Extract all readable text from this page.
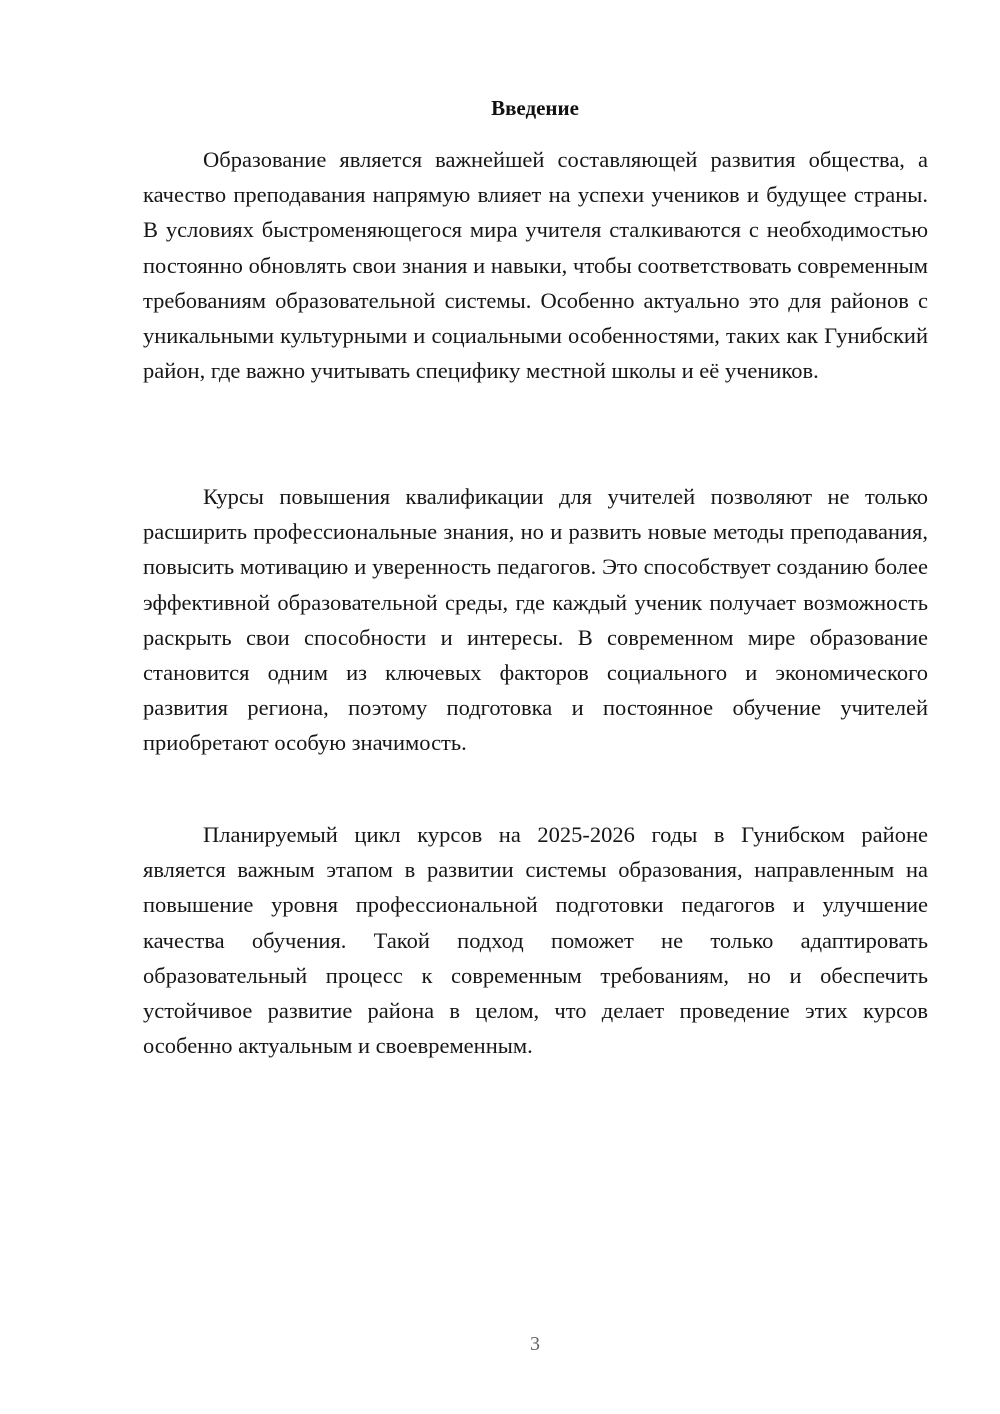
Введение

Образование является важнейшей составляющей развития общества, а качество преподавания напрямую влияет на успехи учеников и будущее страны. В условиях быстроменяющегося мира учителя сталкиваются с необходимостью постоянно обновлять свои знания и навыки, чтобы соответствовать современным требованиям образовательной системы. Особенно актуально это для районов с уникальными культурными и социальными особенностями, таких как Гунибский район, где важно учитывать специфику местной школы и её учеников.

Курсы повышения квалификации для учителей позволяют не только расширить профессиональные знания, но и развить новые методы преподавания, повысить мотивацию и уверенность педагогов. Это способствует созданию более эффективной образовательной среды, где каждый ученик получает возможность раскрыть свои способности и интересы. В современном мире образование становится одним из ключевых факторов социального и экономического развития региона, поэтому подготовка и постоянное обучение учителей приобретают особую значимость.

Планируемый цикл курсов на 2025-2026 годы в Гунибском районе является важным этапом в развитии системы образования, направленным на повышение уровня профессиональной подготовки педагогов и улучшение качества обучения. Такой подход поможет не только адаптировать образовательный процесс к современным требованиям, но и обеспечить устойчивое развитие района в целом, что делает проведение этих курсов особенно актуальным и своевременным.

3
